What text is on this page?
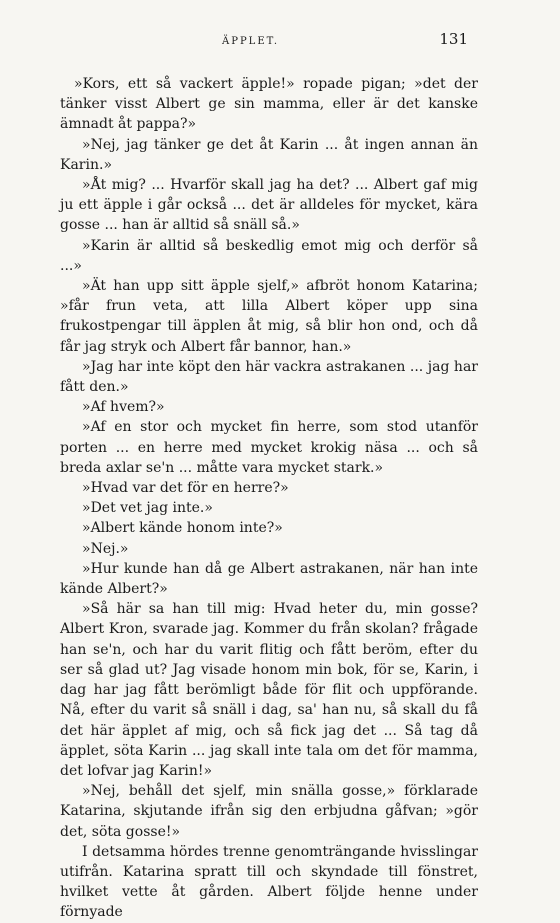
ÄPPLET.	131

»Kors, ett så vackert äpple!» ropade pigan; »det der tänker visst Albert ge sin mamma, eller är det kanske ämnadt åt pappa?»

»Nej, jag tänker ge det åt Karin ... åt ingen annan än Karin.»

»Åt mig? ... Hvarför skall jag ha det? ... Albert gaf mig ju ett äpple i går också ... det är alldeles för mycket, kära gosse ... han är alltid så snäll så.»

»Karin är alltid så beskedlig emot mig och derför så ...»

»Ät han upp sitt äpple sjelf,» afbröt honom Katarina; »får frun veta, att lilla Albert köper upp sina frukostpengar till äpplen åt mig, så blir hon ond, och då får jag stryk och Albert får bannor, han.»

»Jag har inte köpt den här vackra astrakanen ... jag har fått den.»

»Af hvem?»

»Af en stor och mycket fin herre, som stod utanför porten ... en herre med mycket krokig näsa ... och så breda axlar se'n ... måtte vara mycket stark.»

»Hvad var det för en herre?»

»Det vet jag inte.»

»Albert kände honom inte?»

»Nej.»

»Hur kunde han då ge Albert astrakanen, när han inte kände Albert?»

»Så här sa han till mig: Hvad heter du, min gosse? Albert Kron, svarade jag. Kommer du från skolan? frågade han se'n, och har du varit flitig och fått beröm, efter du ser så glad ut? Jag visade honom min bok, för se, Karin, i dag har jag fått berömligt både för flit och uppförande. Nå, efter du varit så snäll i dag, sa' han nu, så skall du få det här äpplet af mig, och så fick jag det ... Så tag då äpplet, söta Karin ... jag skall inte tala om det för mamma, det lofvar jag Karin!»

»Nej, behåll det sjelf, min snälla gosse,» förklarade Katarina, skjutande ifrån sig den erbjudna gåfvan; »gör det, söta gosse!»

I detsamma hördes trenne genomträngande hvisslingar utifrån. Katarina spratt till och skyndade till fönstret, hvilket vette åt gården. Albert följde henne under förnyade
